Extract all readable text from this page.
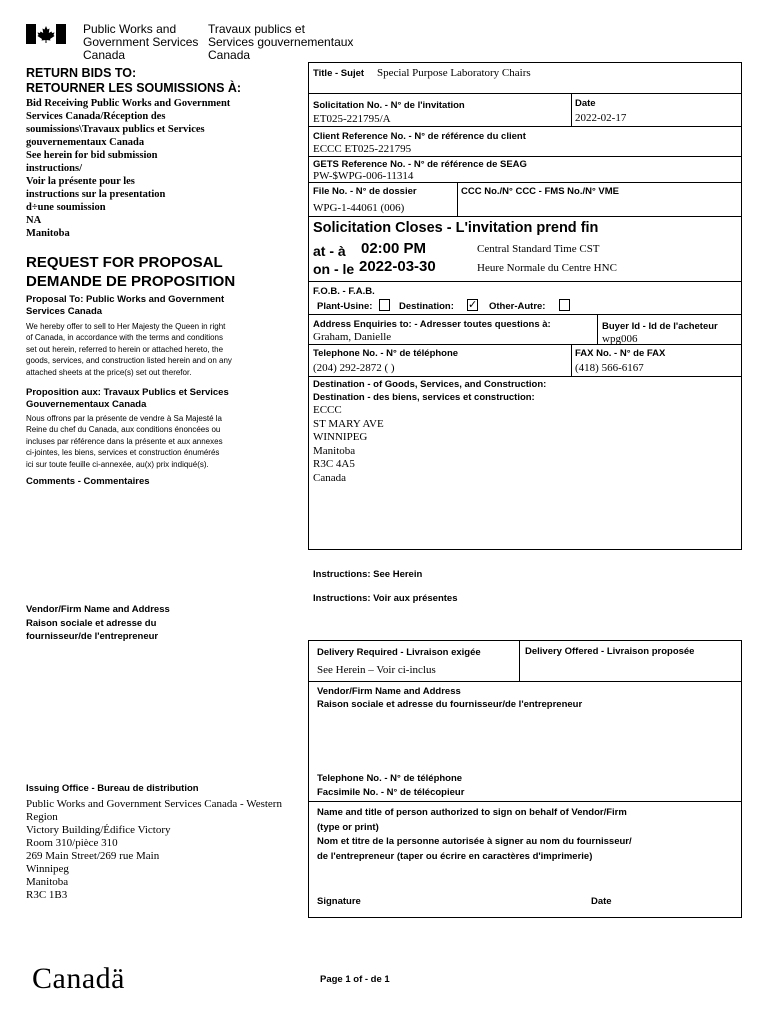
Public Works and
Government Services
Canada
Travaux publics et
Services gouvernementaux
Canada
RETURN BIDS TO:
RETOURNER LES SOUMISSIONS À:
Bid Receiving Public Works and Government
Services Canada/Réception des
soumissions\Travaux publics et Services
gouvernementaux Canada
See herein for bid submission
instructions/
Voir la présente pour les
instructions sur la presentation
d÷une soumission
NA
Manitoba
REQUEST FOR PROPOSAL
DEMANDE DE PROPOSITION
Proposal To: Public Works and Government
Services Canada
We hereby offer to sell to Her Majesty the Queen in right
of Canada, in accordance with the terms and conditions
set out herein, referred to herein or attached hereto, the
goods, services, and construction listed herein and on any
attached sheets at the price(s) set out therefor.
Proposition aux: Travaux Publics et Services
Gouvernementaux Canada
Nous offrons par la présente de vendre à Sa Majesté la
Reine du chef du Canada, aux conditions énoncées ou
incluses par référence dans la présente et aux annexes
ci-jointes, les biens, services et construction énumérés
ici sur toute feuille ci-annexée, au(x) prix indiqué(s).
Comments - Commentaires
Vendor/Firm Name and Address
Raison sociale et adresse du
fournisseur/de l'entrepreneur
Issuing Office - Bureau de distribution
Public Works and Government Services Canada - Western
Region
Victory Building/Édifice Victory
Room 310/pièce 310
269 Main Street/269 rue Main
Winnipeg
Manitoba
R3C 1B3
Title - Sujet Special Purpose Laboratory Chairs
Solicitation No. - N° de l'invitation
ET025-221795/A
Date
2022-02-17
Client Reference No. - N° de référence du client
ECCC ET025-221795
GETS Reference No. - N° de référence de SEAG
PW-$WPG-006-11314
File No. - N° de dossier
WPG-1-44061 (006)
CCC No./N° CCC - FMS No./N° VME
Solicitation Closes - L'invitation prend fin
at - à 02:00 PM
on - le 2022-03-30
Central Standard Time CST
Heure Normale du Centre HNC
F.O.B. - F.A.B.
Plant-Usine:	Destination: ✓ Other-Autre:
Address Enquiries to: - Adresser toutes questions à:
Graham, Danielle
Buyer Id - Id de l'acheteur
wpg006
Telephone No. - N° de téléphone
(204) 292-2872 ( )
FAX No. - N° de FAX
(418) 566-6167
Destination - of Goods, Services, and Construction:
Destination - des biens, services et construction:
ECCC
ST MARY AVE
WINNIPEG
Manitoba
R3C 4A5
Canada
Instructions: See Herein
Instructions: Voir aux présentes
Delivery Required - Livraison exigée
See Herein – Voir ci-inclus
Delivery Offered - Livraison proposée
Vendor/Firm Name and Address
Raison sociale et adresse du fournisseur/de l'entrepreneur
Telephone No. - N° de téléphone
Facsimile No. - N° de télécopieur
Name and title of person authorized to sign on behalf of Vendor/Firm
(type or print)
Nom et titre de la personne autorisée à signer au nom du fournisseur/
de l'entrepreneur (taper ou écrire en caractères d'imprimerie)
Signature	Date
Canadä	Page 1 of - de 1
